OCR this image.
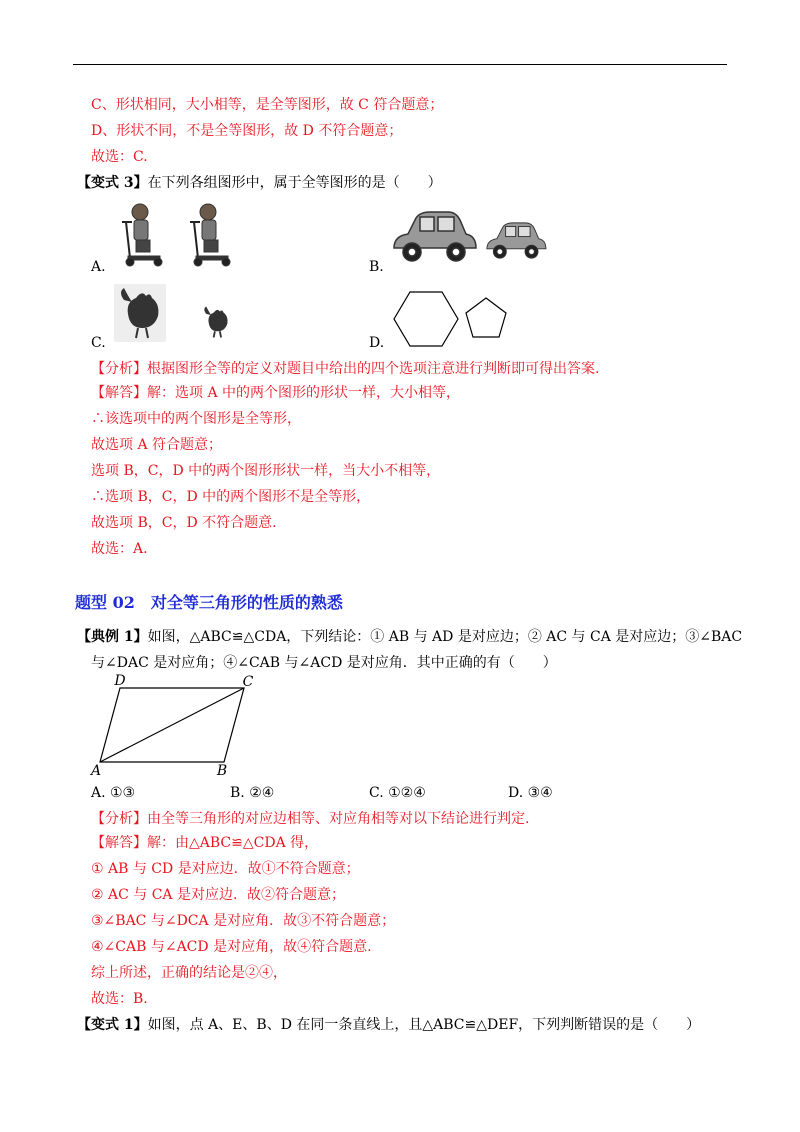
C、形状相同，大小相等，是全等图形，故 C 符合题意；
D、形状不同，不是全等图形，故 D 不符合题意；
故选：C.
【变式 3】在下列各组图形中，属于全等图形的是（　　）
A.	B.
C.	D.
【分析】根据图形全等的定义对题目中给出的四个选项注意进行判断即可得出答案.
【解答】解：选项 A 中的两个图形的形状一样，大小相等，
∴该选项中的两个图形是全等形，
故选项 A 符合题意；
选项 B，C，D 中的两个图形形状一样，当大小不相等，
∴选项 B，C，D 中的两个图形不是全等形，
故选项 B，C，D 不符合题意.
故选：A.
题型 02　对全等三角形的性质的熟悉
【典例 1】如图，△ABC≌△CDA，下列结论：① AB 与 AD 是对应边；② AC 与 CA 是对应边；③∠BAC
与∠DAC 是对应角；④∠CAB 与∠ACD 是对应角．其中正确的有（　　）
D	C
A	B
A. ①③	B. ②④	C. ①②④	D. ③④
【分析】由全等三角形的对应边相等、对应角相等对以下结论进行判定.
【解答】解：由△ABC≌△CDA 得，
① AB 与 CD 是对应边．故①不符合题意；
② AC 与 CA 是对应边．故②符合题意；
③∠BAC 与∠DCA 是对应角．故③不符合题意；
④∠CAB 与∠ACD 是对应角，故④符合题意.
综上所述，正确的结论是②④，
故选：B.
【变式 1】如图，点 A、E、B、D 在同一条直线上，且△ABC≌△DEF，下列判断错误的是（　　）
